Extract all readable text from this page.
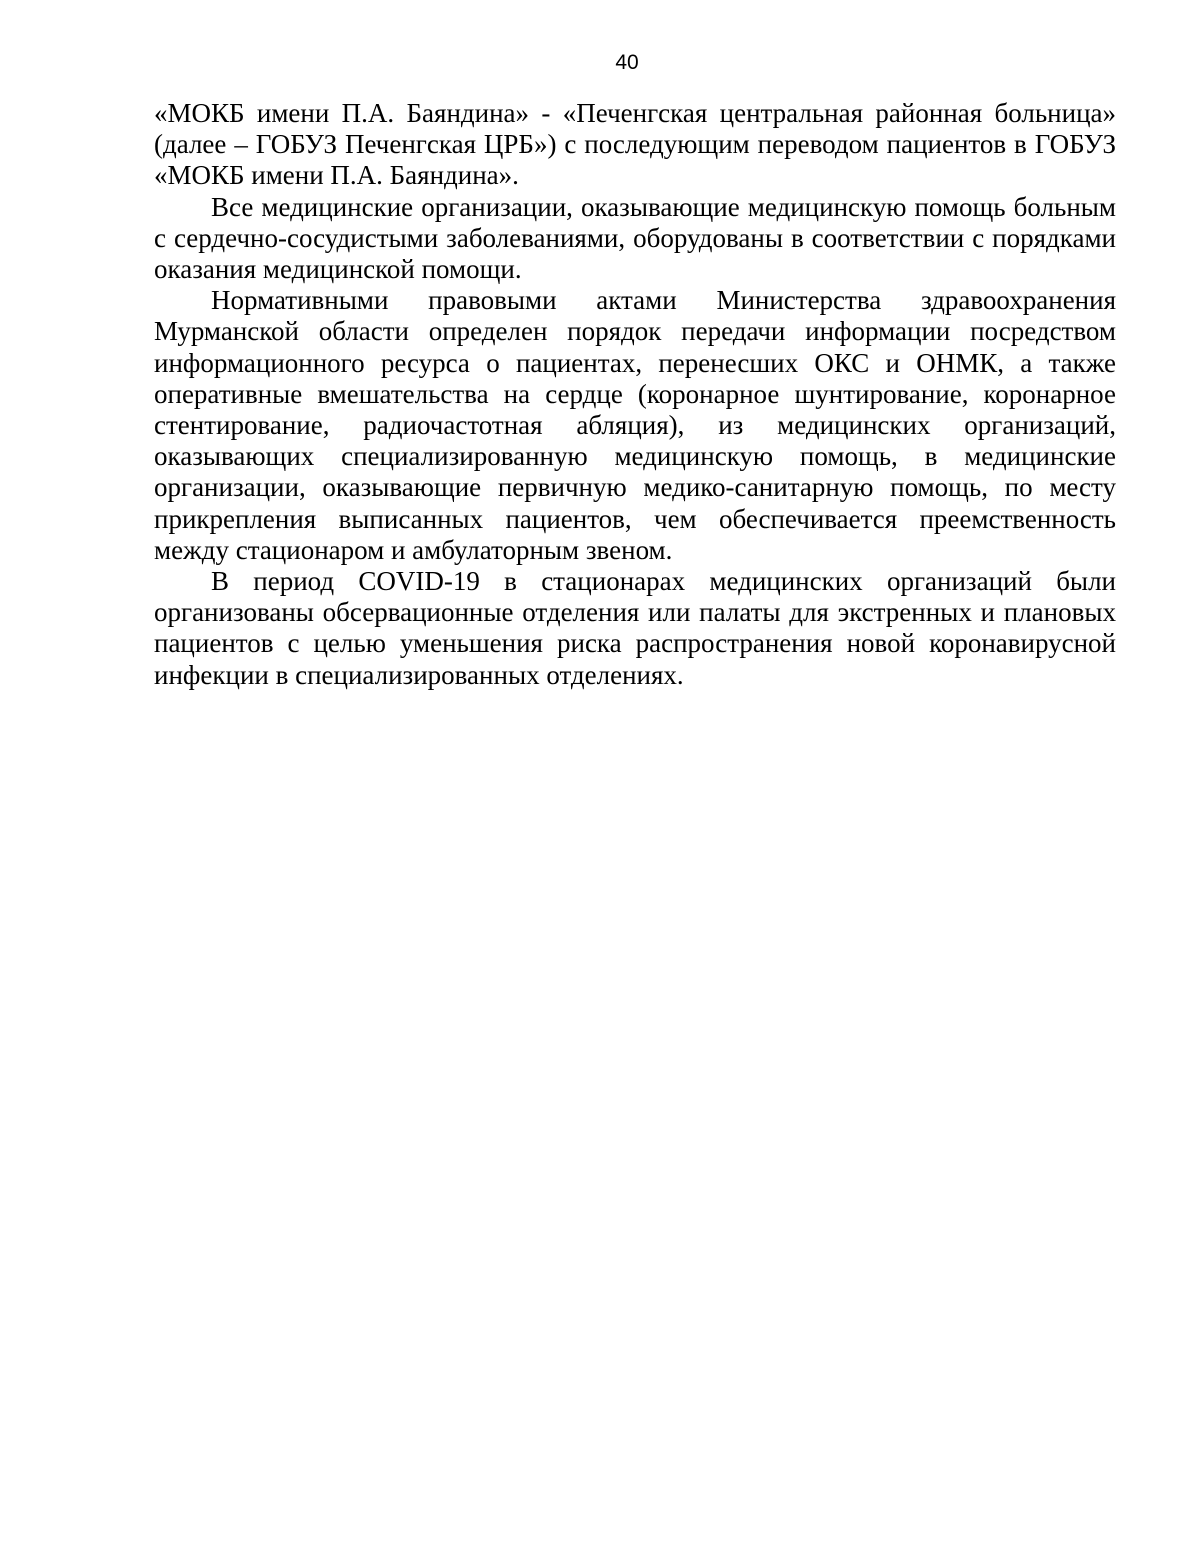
40

«МОКБ имени П.А. Баяндина» - «Печенгская центральная районная больница» (далее – ГОБУЗ Печенгская ЦРБ») с последующим переводом пациентов в ГОБУЗ «МОКБ имени П.А. Баяндина».

Все медицинские организации, оказывающие медицинскую помощь больным с сердечно-сосудистыми заболеваниями, оборудованы в соответствии с порядками оказания медицинской помощи.

Нормативными правовыми актами Министерства здравоохранения Мурманской области определен порядок передачи информации посредством информационного ресурса о пациентах, перенесших ОКС и ОНМК, а также оперативные вмешательства на сердце (коронарное шунтирование, коронарное стентирование, радиочастотная абляция), из медицинских организаций, оказывающих специализированную медицинскую помощь, в медицинские организации, оказывающие первичную медико-санитарную помощь, по месту прикрепления выписанных пациентов, чем обеспечивается преемственность между стационаром и амбулаторным звеном.

В период COVID-19 в стационарах медицинских организаций были организованы обсервационные отделения или палаты для экстренных и плановых пациентов с целью уменьшения риска распространения новой коронавирусной инфекции в специализированных отделениях.
